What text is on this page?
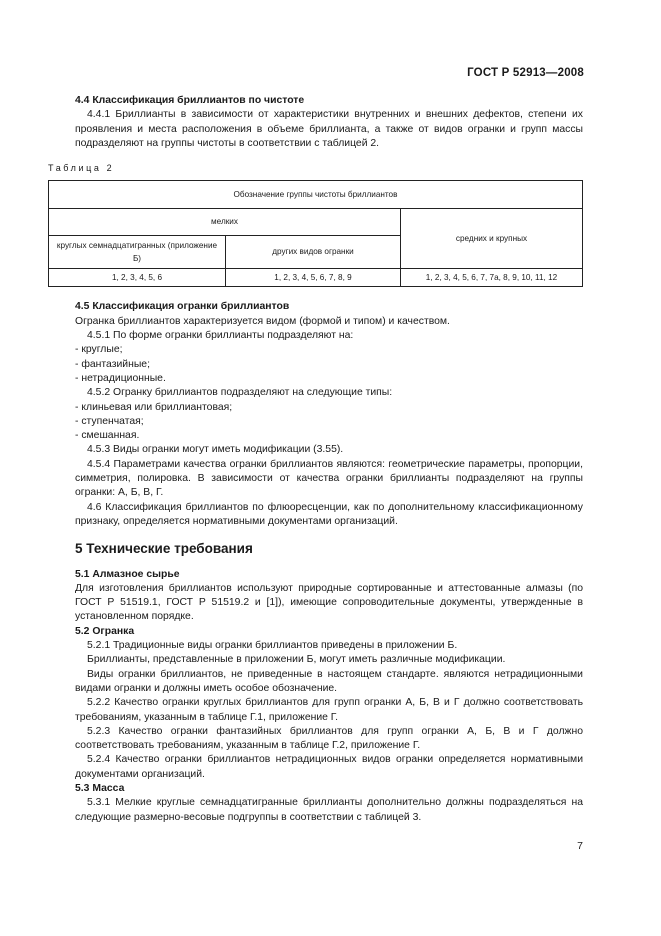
ГОСТ Р 52913—2008

4.4 Классификация бриллиантов по чистоте

4.4.1 Бриллианты в зависимости от характеристики внутренних и внешних дефектов, степени их проявления и места расположения в объеме бриллианта, а также от видов огранки и групп массы подразделяют на группы чистоты в соответствии с таблицей 2.

Таблица 2

Обозначение группы чистоты бриллиантов		
мелких		средних и крупных
круглых семнадцатигранных (приложение Б)	других видов огранки	
1, 2, 3, 4, 5, 6	1, 2, 3, 4, 5, 6, 7, 8, 9	1, 2, 3, 4, 5, 6, 7, 7а, 8, 9, 10, 11, 12

4.5 Классификация огранки бриллиантов

Огранка бриллиантов характеризуется видом (формой и типом) и качеством.

4.5.1 По форме огранки бриллианты подразделяют на:

- круглые;

- фантазийные;

- нетрадиционные.

4.5.2 Огранку бриллиантов подразделяют на следующие типы:

- клиньевая или бриллиантовая;

- ступенчатая;

- смешанная.

4.5.3 Виды огранки могут иметь модификации (3.55).

4.5.4 Параметрами качества огранки бриллиантов являются: геометрические параметры, пропорции, симметрия, полировка. В зависимости от качества огранки бриллианты подразделяют на группы огранки: А, Б, В, Г.

4.6 Классификация бриллиантов по флюоресценции, как по дополнительному классификационному признаку, определяется нормативными документами организаций.

5 Технические требования

5.1 Алмазное сырье

Для изготовления бриллиантов используют природные сортированные и аттестованные алмазы (по ГОСТ Р 51519.1, ГОСТ Р 51519.2 и [1]), имеющие сопроводительные документы, утвержденные в установленном порядке.

5.2 Огранка

5.2.1 Традиционные виды огранки бриллиантов приведены в приложении Б.

Бриллианты, представленные в приложении Б, могут иметь различные модификации.

Виды огранки бриллиантов, не приведенные в настоящем стандарте. являются нетрадиционными видами огранки и должны иметь особое обозначение.

5.2.2 Качество огранки круглых бриллиантов для групп огранки А, Б, В и Г должно соответствовать требованиям, указанным в таблице Г.1, приложение Г.

5.2.3 Качество огранки фантазийных бриллиантов для групп огранки А, Б, В и Г должно соответствовать требованиям, указанным в таблице Г.2, приложение Г.

5.2.4 Качество огранки бриллиантов нетрадиционных видов огранки определяется нормативными документами организаций.

5.3 Масса

5.3.1 Мелкие круглые семнадцатигранные бриллианты дополнительно должны подразделяться на следующие размерно-весовые подгруппы в соответствии с таблицей 3.

7
